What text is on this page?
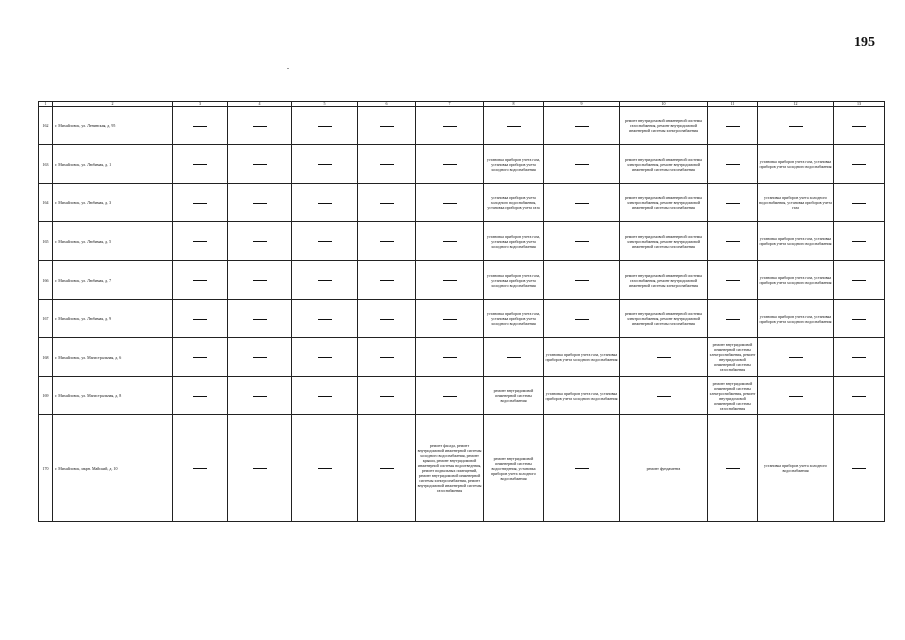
195
1	2	3	4	5	6	7	8	9	10	11	12	13
162	г. Михайловск, ул. Ленинская, д. 95								ремонт внутридомовой инженерной системы газоснабжения, ремонт внутридомовой инженерной системы электроснабжения			

163	г. Михайловск, ул. Любимая, д. 1						установка приборов учета газа, установка приборов учета холодного водоснабжения		ремонт внутридомовой инженерной системы электроснабжения, ремонт внутридомовой инженерной системы газоснабжения		установка приборов учета газа, установка приборов учета холодного водоснабжения	

164	г. Михайловск, ул. Любимая, д. 3						установка приборов учета холодного водоснабжения, установка приборов учета газа		ремонт внутридомовой инженерной системы электроснабжения, ремонт внутридомовой инженерной системы газоснабжения		установка приборов учета холодного водоснабжения, установка приборов учета газа	

165	г. Михайловск, ул. Любимая, д. 5						установка приборов учета газа, установка приборов учета холодного водоснабжения		ремонт внутридомовой инженерной системы электроснабжения, ремонт внутридомовой инженерной системы газоснабжения		установка приборов учета газа, установка приборов учета холодного водоснабжения	

166	г. Михайловск, ул. Любимая, д. 7						установка приборов учета газа, установка приборов учета холодного водоснабжения		ремонт внутридомовой инженерной системы газоснабжения, ремонт внутридомовой инженерной системы электроснабжения		установка приборов учета газа, установка приборов учета холодного водоснабжения	

167	г. Михайловск, ул. Любимая, д. 9						установка приборов учета газа, установка приборов учета холодного водоснабжения		ремонт внутридомовой инженерной системы электроснабжения, ремонт внутридомовой инженерной системы газоснабжения		установка приборов учета газа, установка приборов учета холодного водоснабжения	

168	г. Михайловск, ул. Магистральная, д. 6							установка приборов учета газа, установка приборов учета холодного водоснабжения		ремонт внутридомовой инженерной системы электроснабжения, ремонт внутридомовой инженерной системы газоснабжения		

169	г. Михайловск, ул. Магистральная, д. 8						ремонт внутридомовой инженерной системы водоснабжения	установка приборов учета газа, установка приборов учета холодного водоснабжения		ремонт внутридомовой инженерной системы электроснабжения, ремонт внутридомовой инженерной системы газоснабжения		

170	г. Михайловск, мкрн. Майский, д. 10					ремонт фасада, ремонт внутридомовой инженерной системы холодного водоснабжения, ремонт крыши, ремонт внутридомовой инженерной системы водоотведения, ремонт подвальных помещений, ремонт внутридомовой инженерной системы электроснабжения, ремонт внутридомовой инженерной системы газоснабжения	ремонт внутридомовой инженерной системы водоотведения, установка приборов учета холодного водоснабжения		ремонт фундамента		установка приборов учета холодного водоснабжения	
